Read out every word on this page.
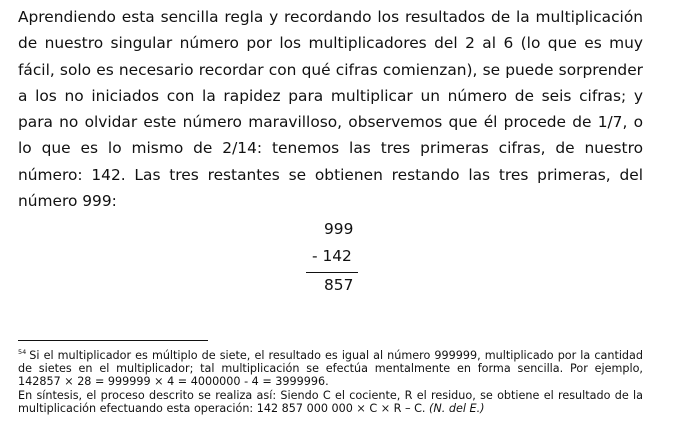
Aprendiendo esta sencilla regla y recordando los resultados de la multiplicación de nuestro singular número por los multiplicadores del 2 al 6 (lo que es muy fácil, solo es necesario recordar con qué cifras comienzan), se puede sorprender a los no iniciados con la rapidez para multiplicar un número de seis cifras; y para no olvidar este número maravilloso, observemos que él procede de 1/7, o lo que es lo mismo de 2/14: tenemos las tres primeras cifras, de nuestro número: 142. Las tres restantes se obtienen restando las tres primeras, del número 999:

999
- 142
857

$^{54}$ Si el multiplicador es múltiplo de siete, el resultado es igual al número 999999, multiplicado por la cantidad de sietes en el multiplicador; tal multiplicación se efectúa mentalmente en forma sencilla. Por ejemplo, 142857 × 28 = 999999 × 4 = 4000000 - 4 = 3999996.

En síntesis, el proceso descrito se realiza así: Siendo C el cociente, R el residuo, se obtiene el resultado de la multiplicación efectuando esta operación: 142 857 000 000 × C × R – C. (N. del E.)
